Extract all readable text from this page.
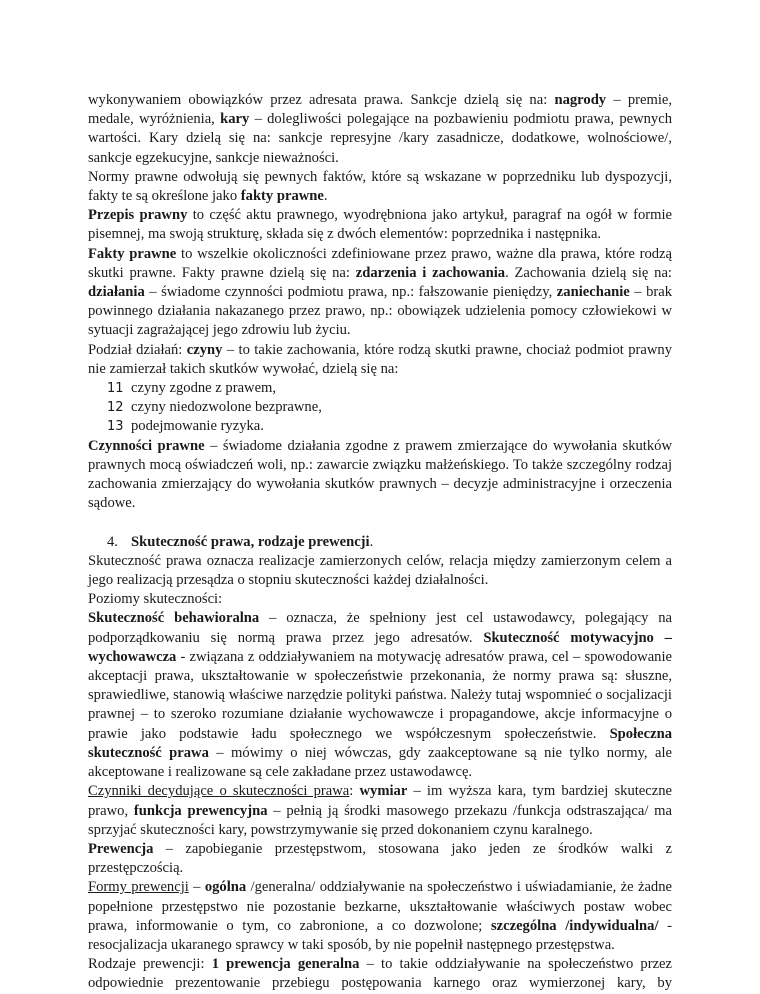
wykonywaniem obowiązków przez adresata prawa. Sankcje dzielą się na: nagrody – premie, medale, wyróżnienia, kary – dolegliwości polegające na pozbawieniu podmiotu prawa, pewnych wartości. Kary dzielą się na: sankcje represyjne /kary zasadnicze, dodatkowe, wolnościowe/, sankcje egzekucyjne, sankcje nieważności.

Normy prawne odwołują się pewnych faktów, które są wskazane w poprzedniku lub dyspozycji, fakty te są określone jako fakty prawne.

Przepis prawny to część aktu prawnego, wyodrębniona jako artykuł, paragraf na ogół w formie pisemnej, ma swoją strukturę, składa się z dwóch elementów: poprzednika i następnika.

Fakty prawne to wszelkie okoliczności zdefiniowane przez prawo, ważne dla prawa, które rodzą skutki prawne. Fakty prawne dzielą się na: zdarzenia i zachowania. Zachowania dzielą się na: działania – świadome czynności podmiotu prawa, np.: fałszowanie pieniędzy, zaniechanie – brak powinnego działania nakazanego przez prawo, np.: obowiązek udzielenia pomocy człowiekowi w sytuacji zagrażającej jego zdrowiu lub życiu.

Podział działań: czyny – to takie zachowania, które rodzą skutki prawne, chociaż podmiot prawny nie zamierzał takich skutków wywołać, dzielą się na:

11 czyny zgodne z prawem,
12 czyny niedozwolone bezprawne,
13 podejmowanie ryzyka.

Czynności prawne – świadome działania zgodne z prawem zmierzające do wywołania skutków prawnych mocą oświadczeń woli, np.: zawarcie związku małżeńskiego. To także szczególny rodzaj zachowania zmierzający do wywołania skutków prawnych – decyzje administracyjne i orzeczenia sądowe.

4. Skuteczność prawa, rodzaje prewencji.

Skuteczność prawa oznacza realizacje zamierzonych celów, relacja między zamierzonym celem a jego realizacją przesądza o stopniu skuteczności każdej działalności.

Poziomy skuteczności:

Skuteczność behawioralna – oznacza, że spełniony jest cel ustawodawcy, polegający na podporządkowaniu się normą prawa przez jego adresatów. Skuteczność motywacyjno – wychowawcza - związana z oddziaływaniem na motywację adresatów prawa, cel – spowodowanie akceptacji prawa, ukształtowanie w społeczeństwie przekonania, że normy prawa są: słuszne, sprawiedliwe, stanowią właściwe narzędzie polityki państwa. Należy tutaj wspomnieć o socjalizacji prawnej – to szeroko rozumiane działanie wychowawcze i propagandowe, akcje informacyjne o prawie jako podstawie ładu społecznego we współczesnym społeczeństwie. Społeczna skuteczność prawa – mówimy o niej wówczas, gdy zaakceptowane są nie tylko normy, ale akceptowane i realizowane są cele zakładane przez ustawodawcę.

Czynniki decydujące o skuteczności prawa: wymiar – im wyższa kara, tym bardziej skuteczne prawo, funkcja prewencyjna – pełnią ją środki masowego przekazu /funkcja odstraszająca/ ma sprzyjać skuteczności kary, powstrzymywanie się przed dokonaniem czynu karalnego.

Prewencja – zapobieganie przestępstwom, stosowana jako jeden ze środków walki z przestępczością.

Formy prewencji – ogólna /generalna/ oddziaływanie na społeczeństwo i uświadamianie, że żadne popełnione przestępstwo nie pozostanie bezkarne, ukształtowanie właściwych postaw wobec prawa, informowanie o tym, co zabronione, a co dozwolone; szczególna /indywidualna/ - resocjalizacja ukaranego sprawcy w taki sposób, by nie popełnił następnego przestępstwa.

Rodzaje prewencji: 1 prewencja generalna – to takie oddziaływanie na społeczeństwo przez odpowiednie prezentowanie przebiegu postępowania karnego oraz wymierzonej kary, by
